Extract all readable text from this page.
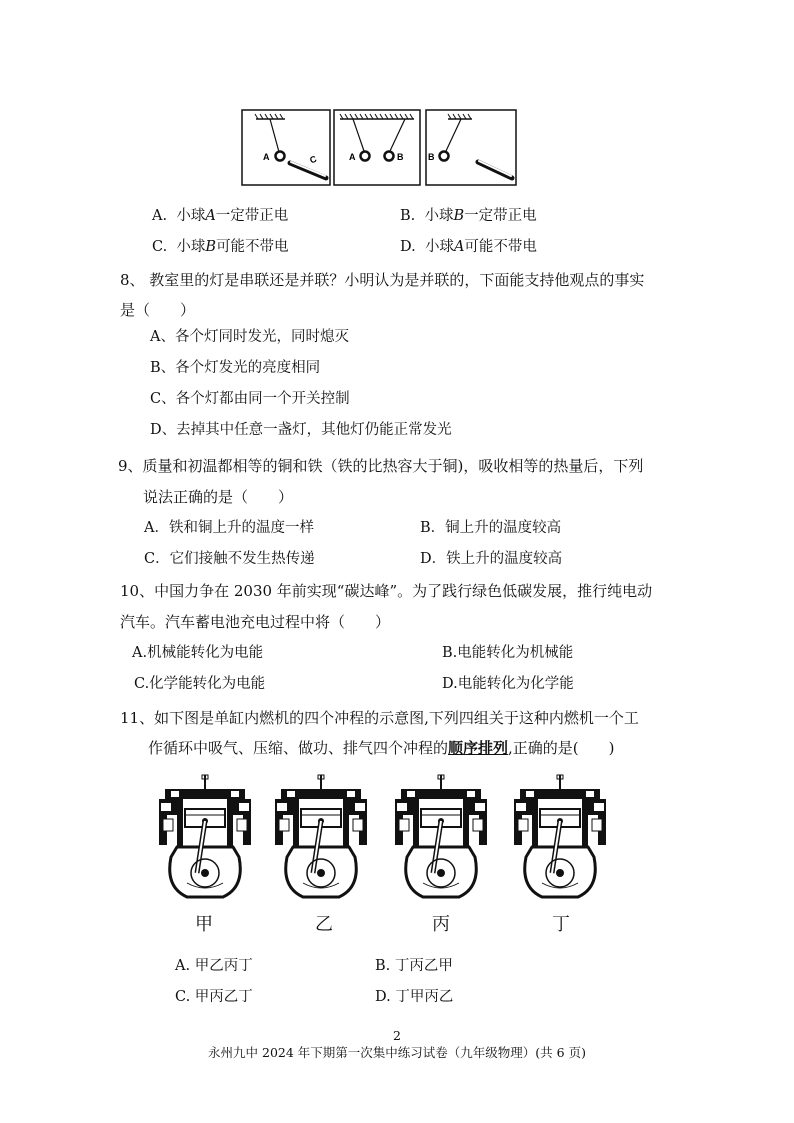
A	C	A	B	B
A. 小球A一定带正电	B. 小球B一定带正电
C. 小球B可能不带电	D. 小球A可能不带电
8、 教室里的灯是串联还是并联？小明认为是并联的，下面能支持他观点的事实
是（　　）
A、各个灯同时发光，同时熄灭
B、各个灯发光的亮度相同
C、各个灯都由同一个开关控制
D、去掉其中任意一盏灯，其他灯仍能正常发光
9、质量和初温都相等的铜和铁（铁的比热容大于铜)，吸收相等的热量后，下列
说法正确的是（　　）
A．铁和铜上升的温度一样	B．铜上升的温度较高
C．它们接触不发生热传递	D．铁上升的温度较高
10、中国力争在 2030 年前实现“碳达峰”。为了践行绿色低碳发展，推行纯电动
汽车。汽车蓄电池充电过程中将（　　）
A.机械能转化为电能	B.电能转化为机械能
C.化学能转化为电能	D.电能转化为化学能
11、如下图是单缸内燃机的四个冲程的示意图,下列四组关于这种内燃机一个工
作循环中吸气、压缩、做功、排气四个冲程的顺序排列,正确的是(　　)
甲	乙	丙	丁
A. 甲乙丙丁	B. 丁丙乙甲
C. 甲丙乙丁	D. 丁甲丙乙
2
永州九中 2024 年下期第一次集中练习试卷（九年级物理）(共 6 页)
